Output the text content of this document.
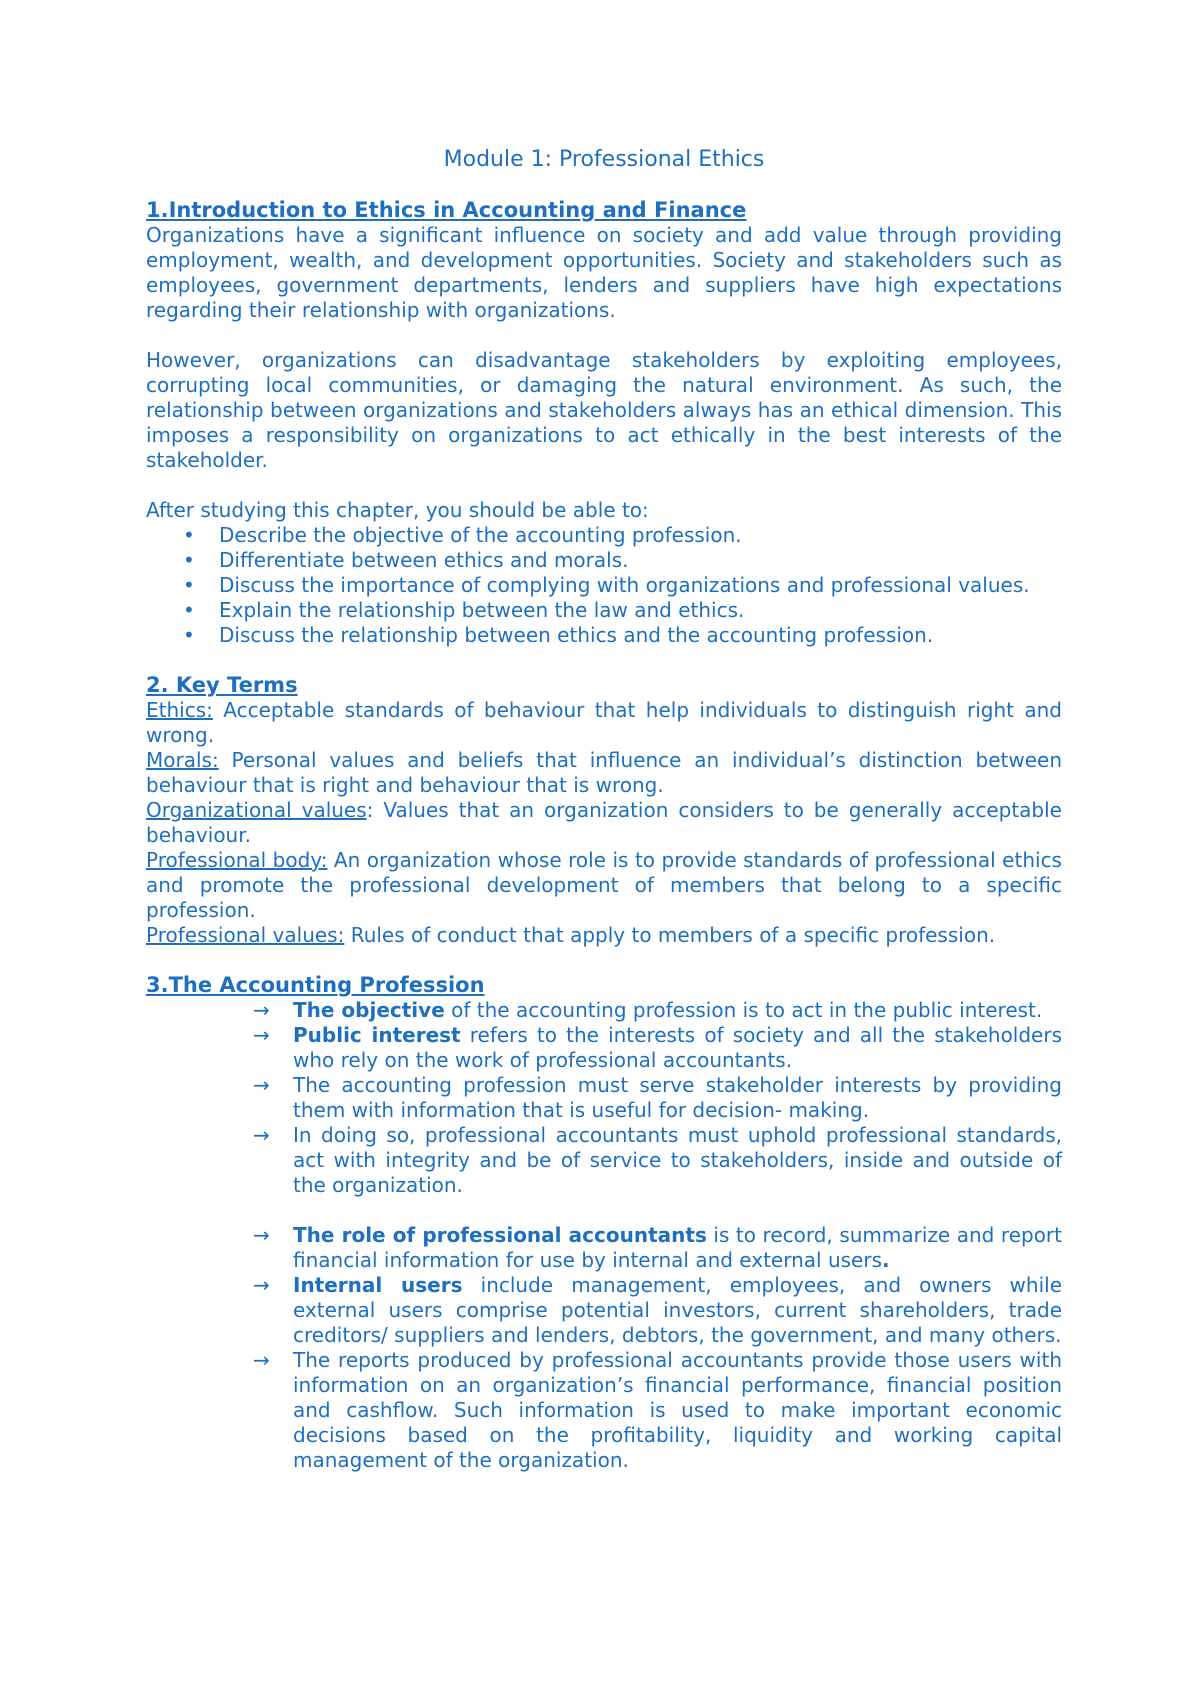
Module 1: Professional Ethics

1.Introduction to Ethics in Accounting and Finance

Organizations have a significant influence on society and add value through providing employment, wealth, and development opportunities. Society and stakeholders such as employees, government departments, lenders and suppliers have high expectations regarding their relationship with organizations.

However, organizations can disadvantage stakeholders by exploiting employees, corrupting local communities, or damaging the natural environment. As such, the relationship between organizations and stakeholders always has an ethical dimension. This imposes a responsibility on organizations to act ethically in the best interests of the stakeholder.

After studying this chapter, you should be able to:

• Describe the objective of the accounting profession.
• Differentiate between ethics and morals.
• Discuss the importance of complying with organizations and professional values.
• Explain the relationship between the law and ethics.
• Discuss the relationship between ethics and the accounting profession.

2. Key Terms

Ethics: Acceptable standards of behaviour that help individuals to distinguish right and wrong.

Morals: Personal values and beliefs that influence an individual’s distinction between behaviour that is right and behaviour that is wrong.

Organizational values: Values that an organization considers to be generally acceptable behaviour.

Professional body: An organization whose role is to provide standards of professional ethics and promote the professional development of members that belong to a specific profession.

Professional values: Rules of conduct that apply to members of a specific profession.

3.The Accounting Profession

→ The objective of the accounting profession is to act in the public interest.
→ Public interest refers to the interests of society and all the stakeholders who rely on the work of professional accountants.
→ The accounting profession must serve stakeholder interests by providing them with information that is useful for decision- making.
→ In doing so, professional accountants must uphold professional standards, act with integrity and be of service to stakeholders, inside and outside of the organization.
→ The role of professional accountants is to record, summarize and report financial information for use by internal and external users.
→ Internal users include management, employees, and owners while external users comprise potential investors, current shareholders, trade creditors/ suppliers and lenders, debtors, the government, and many others.
→ The reports produced by professional accountants provide those users with information on an organization’s financial performance, financial position and cashflow. Such information is used to make important economic decisions based on the profitability, liquidity and working capital management of the organization.
